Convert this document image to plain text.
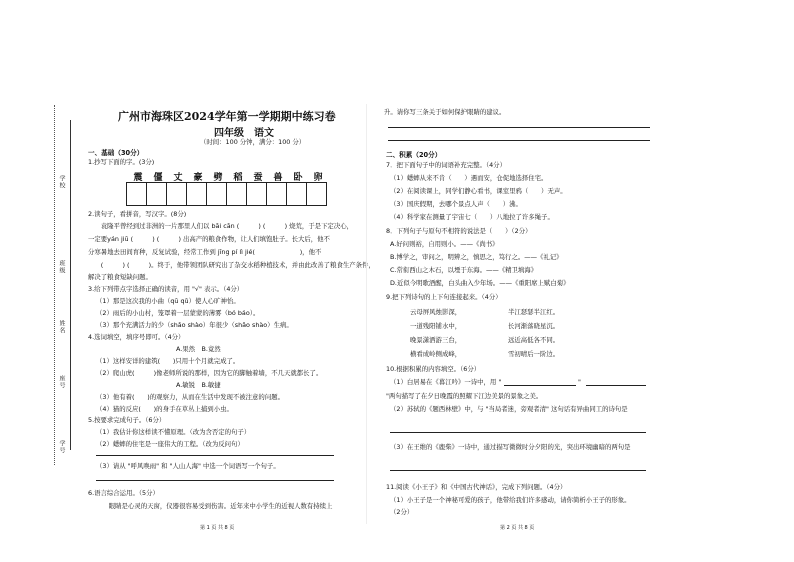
学校
班级
姓名
座号
学号
广州市海珠区2024学年第一学期期中练习卷
四年级　语文
（时间：100 分钟，满分：100 分）
一、基础（30分）
1.抄写下面的字。(3分)
震	僵	丈	豪	劈	稻	蚕	兽	卧	卵
2.读句子，看拼音，写汉字。(8分)
　　袁隆平曾经到过非洲的一片那里人们以 bāi cān (　　　) (　　　) 烧荒，于是下定决心，
一定要yán jiū (　　　) (　　　) 出高产的粮食作物，让人们填饱肚子。长大后，他不
分寒暑地去田间育种，反复试验，经常工作到 jīng pí lì jié(　　　　　　　)，他不
　　(　　　) (　　　)。终于，他带领团队研究出了杂交水稻种植技术，并由此改善了粮食生产条件，
解决了粮食短缺问题。
3.给下列带点字选择正确的读音，用 "√" 表示。（4分）
（1）那是这次我的小曲（qū qǔ）使人心旷神怡。
（2）雨后的小山村，笼罩着一层蒙蒙的薄雾（bó báo）。
（3）那个充满活力的少（shǎo shào）年很少（shǎo shào）生病。
4.选词填空，填序号即可。（4分）
A.果然　B.竟然
（1）这样安详的建筑(　　)只用十个月就完成了。
（2）爬山虎(　　　)像老师所说的那样，因为它的脚触着墙，不几天就都长了。
A.敏锐　B.敏捷
（3）他有着(　　)的观察力，从而在生活中发现不被注意的问题。
（4）猫的反应(　　)的身手在草丛上捕到小虫。
5.按要求完成句子。（6分）
（1）我估计你这样读不懂原理。（改为含否定的句子）
（2）蟋蟀的住宅是一座伟大的工程。（改为反问句）
（3）请从 "呼风唤雨" 和 "人山人海" 中选一个词语写一个句子。
6.语言综合运用。（5分）
　　眼睛是心灵的天窗，仪器很容易受到伤害。近年来中小学生的近视人数有持续上
第 1 页 共 8 页
升。请你写三条关于如何保护眼睛的建议。
二、积累（20分）
7．把下面句子中的词语补充完整。（4分）
（1）蟋蟀从来不肯（　　）遇而安，仓促地选择住宅。
（2）在阅读课上，同学们静心看书，课室里鸦（　　）无声。
（3）国庆假期，去哪个景点人声（　　）沸。
（4）科学家在测量了宇宙七（　　）八地拉了许多绳子。
8．下列句子与原句不相符的说法是（　　）（2分）
A.好问则裕，自用则小。——《尚书》
B.博学之，审问之，明辨之，慎思之，笃行之。——《礼记》
C.常衔西山之木石，以堙于东海。——《精卫填海》
D.近似今明歌酒醒，白头曲入少年场。——《重阳席上赋白菊》
9.把下列诗句的上下句连接起来。（4分）
云母屏风烛影深，
一道残阳铺水中，
晚景潇洒游三台，
横看成岭侧成峰，
半江瑟瑟半江红。
长河渐落晓星沉。
远近高低各不同。
雪初晴后一阶边。
10.根据积累的内容填空。（6分）
（1）白居易在《暮江吟》一诗中，用 "	"
"两句描写了在夕日晚霞的照耀下江边美景的景象之美。
（2）苏轼的《题西林壁》中，与 "当局者迷，旁观者清" 这句话有异曲同工的诗句是
（3）在王维的《鹿柴》一诗中，通过描写微微时分夕阳的光，突出环境幽暗的两句是
11.阅读《小王子》和《中国古代神话》，完成下列问题。（4分）
（1）小王子是一个神秘可爱的孩子，他带给我们许多感动，请你简析小王子的形象。
（2分）
第 2 页 共 8 页
